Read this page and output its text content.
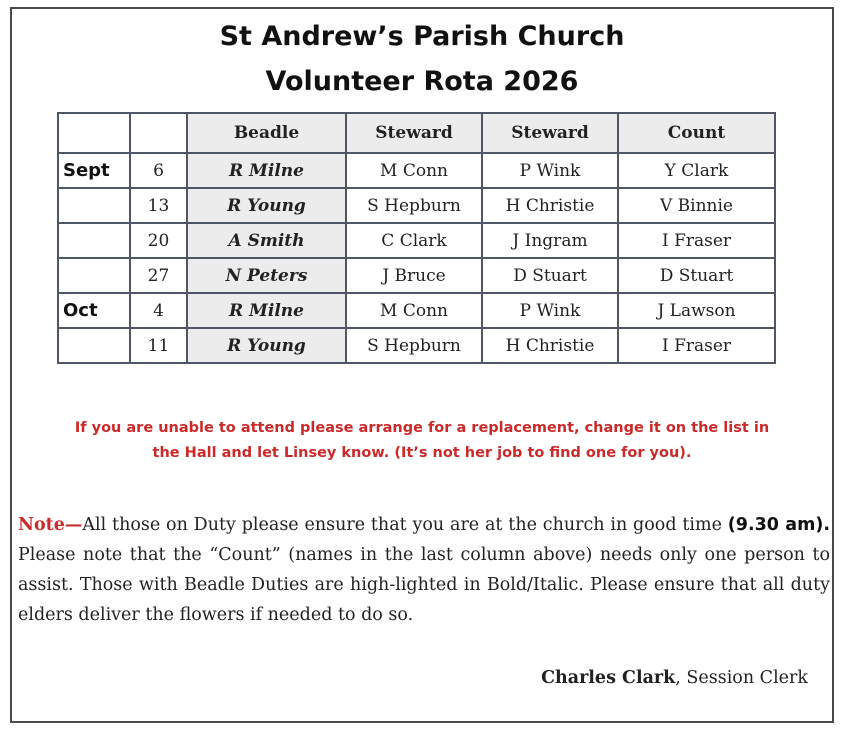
St Andrew’s Parish Church
Volunteer Rota 2026
		Beadle	Steward	Steward	Count
Sept	6	R Milne	M Conn	P Wink	Y Clark
	13	R Young	S Hepburn	H Christie	V Binnie
	20	A Smith	C Clark	J Ingram	I Fraser
	27	N Peters	J Bruce	D Stuart	D Stuart
Oct	4	R Milne	M Conn	P Wink	J Lawson
	11	R Young	S Hepburn	H Christie	I Fraser
If you are unable to attend please arrange for a replacement, change it on the list in
the Hall and let Linsey know. (It’s not her job to find one for you).

Note—All those on Duty please ensure that you are at the church in good time (9.30 am). Please note that the “Count” (names in the last column above) needs only one person to assist. Those with Beadle Duties are high-lighted in Bold/Italic. Please ensure that all duty elders deliver the flowers if needed to do so.

Charles Clark, Session Clerk
